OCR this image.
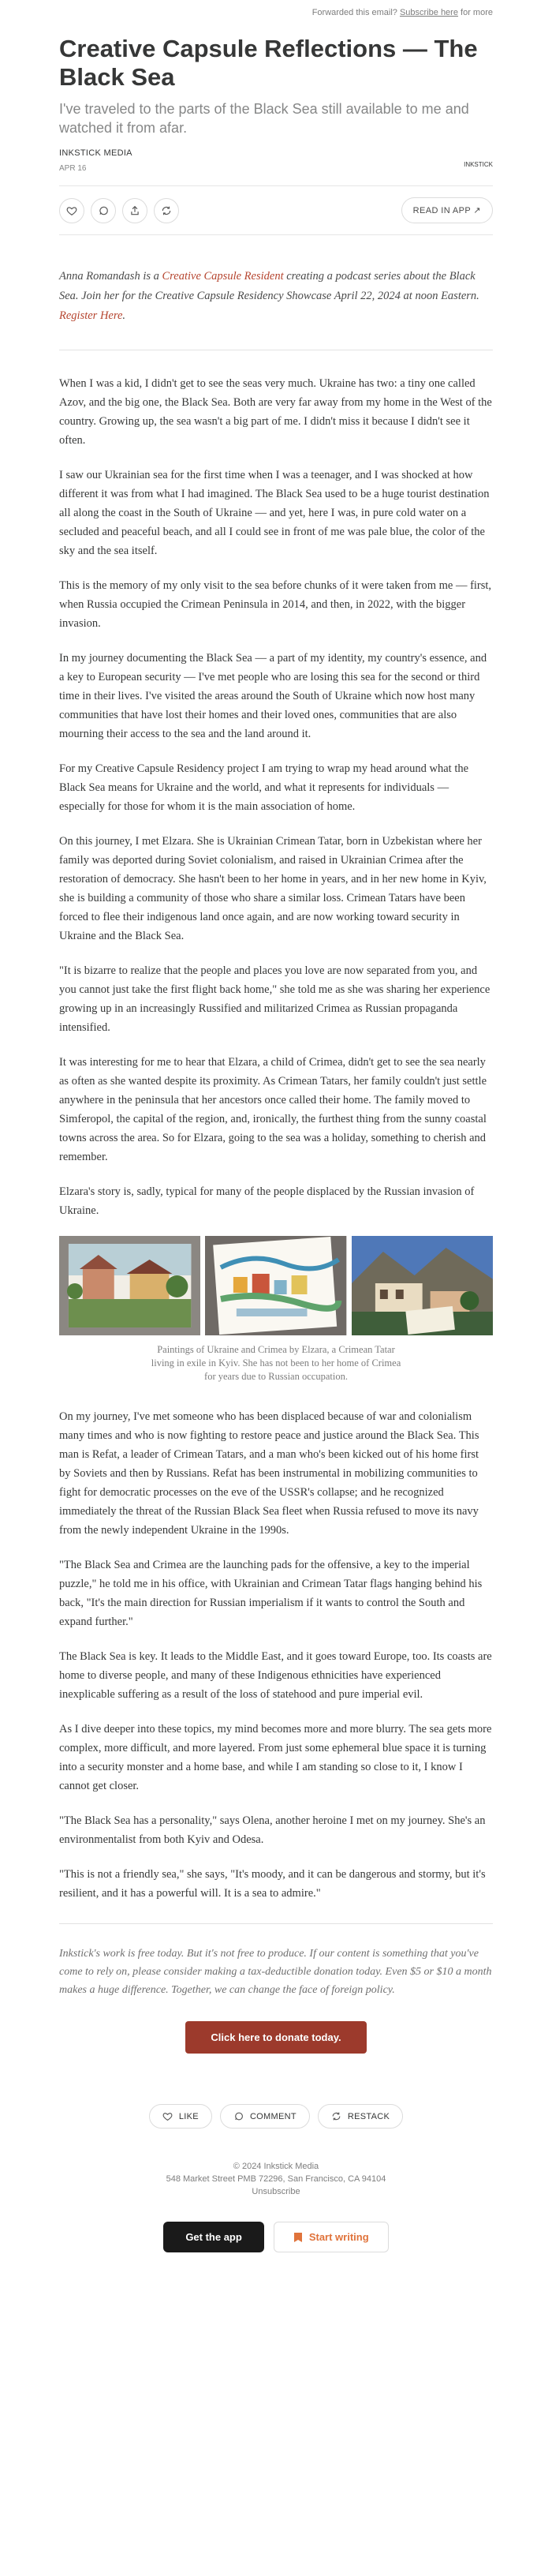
Forwarded this email? Subscribe here for more
Creative Capsule Reflections — The Black Sea
I've traveled to the parts of the Black Sea still available to me and watched it from afar.
INKSTICK MEDIA
APR 16	INKSTICK
READ IN APP ↗

Anna Romandash is a Creative Capsule Resident creating a podcast series about the Black Sea. Join her for the Creative Capsule Residency Showcase April 22, 2024 at noon Eastern. Register Here.

When I was a kid, I didn't get to see the seas very much. Ukraine has two: a tiny one called Azov, and the big one, the Black Sea. Both are very far away from my home in the West of the country. Growing up, the sea wasn't a big part of me. I didn't miss it because I didn't see it often.

I saw our Ukrainian sea for the first time when I was a teenager, and I was shocked at how different it was from what I had imagined. The Black Sea used to be a huge tourist destination all along the coast in the South of Ukraine — and yet, here I was, in pure cold water on a secluded and peaceful beach, and all I could see in front of me was pale blue, the color of the sky and the sea itself.

This is the memory of my only visit to the sea before chunks of it were taken from me — first, when Russia occupied the Crimean Peninsula in 2014, and then, in 2022, with the bigger invasion.

In my journey documenting the Black Sea — a part of my identity, my country's essence, and a key to European security — I've met people who are losing this sea for the second or third time in their lives. I've visited the areas around the South of Ukraine which now host many communities that have lost their homes and their loved ones, communities that are also mourning their access to the sea and the land around it.

For my Creative Capsule Residency project I am trying to wrap my head around what the Black Sea means for Ukraine and the world, and what it represents for individuals — especially for those for whom it is the main association of home.

On this journey, I met Elzara. She is Ukrainian Crimean Tatar, born in Uzbekistan where her family was deported during Soviet colonialism, and raised in Ukrainian Crimea after the restoration of democracy. She hasn't been to her home in years, and in her new home in Kyiv, she is building a community of those who share a similar loss. Crimean Tatars have been forced to flee their indigenous land once again, and are now working toward security in Ukraine and the Black Sea.

"It is bizarre to realize that the people and places you love are now separated from you, and you cannot just take the first flight back home," she told me as she was sharing her experience growing up in an increasingly Russified and militarized Crimea as Russian propaganda intensified.

It was interesting for me to hear that Elzara, a child of Crimea, didn't get to see the sea nearly as often as she wanted despite its proximity. As Crimean Tatars, her family couldn't just settle anywhere in the peninsula that her ancestors once called their home. The family moved to Simferopol, the capital of the region, and, ironically, the furthest thing from the sunny coastal towns across the area. So for Elzara, going to the sea was a holiday, something to cherish and remember.

Elzara's story is, sadly, typical for many of the people displaced by the Russian invasion of Ukraine.

Paintings of Ukraine and Crimea by Elzara, a Crimean Tatar living in exile in Kyiv. She has not been to her home of Crimea for years due to Russian occupation.

On my journey, I've met someone who has been displaced because of war and colonialism many times and who is now fighting to restore peace and justice around the Black Sea. This man is Refat, a leader of Crimean Tatars, and a man who's been kicked out of his home first by Soviets and then by Russians. Refat has been instrumental in mobilizing communities to fight for democratic processes on the eve of the USSR's collapse; and he recognized immediately the threat of the Russian Black Sea fleet when Russia refused to move its navy from the newly independent Ukraine in the 1990s.

"The Black Sea and Crimea are the launching pads for the offensive, a key to the imperial puzzle," he told me in his office, with Ukrainian and Crimean Tatar flags hanging behind his back, "It's the main direction for Russian imperialism if it wants to control the South and expand further."

The Black Sea is key. It leads to the Middle East, and it goes toward Europe, too. Its coasts are home to diverse people, and many of these Indigenous ethnicities have experienced inexplicable suffering as a result of the loss of statehood and pure imperial evil.

As I dive deeper into these topics, my mind becomes more and more blurry. The sea gets more complex, more difficult, and more layered. From just some ephemeral blue space it is turning into a security monster and a home base, and while I am standing so close to it, I know I cannot get closer.

"The Black Sea has a personality," says Olena, another heroine I met on my journey. She's an environmentalist from both Kyiv and Odesa.

"This is not a friendly sea," she says, "It's moody, and it can be dangerous and stormy, but it's resilient, and it has a powerful will. It is a sea to admire."

Inkstick's work is free today. But it's not free to produce. If our content is something that you've come to rely on, please consider making a tax-deductible donation today. Even $5 or $10 a month makes a huge difference. Together, we can change the face of foreign policy.

Click here to donate today.
LIKE	COMMENT	RESTACK
© 2024 Inkstick Media
548 Market Street PMB 72296, San Francisco, CA 94104
Unsubscribe
Get the app	Start writing
